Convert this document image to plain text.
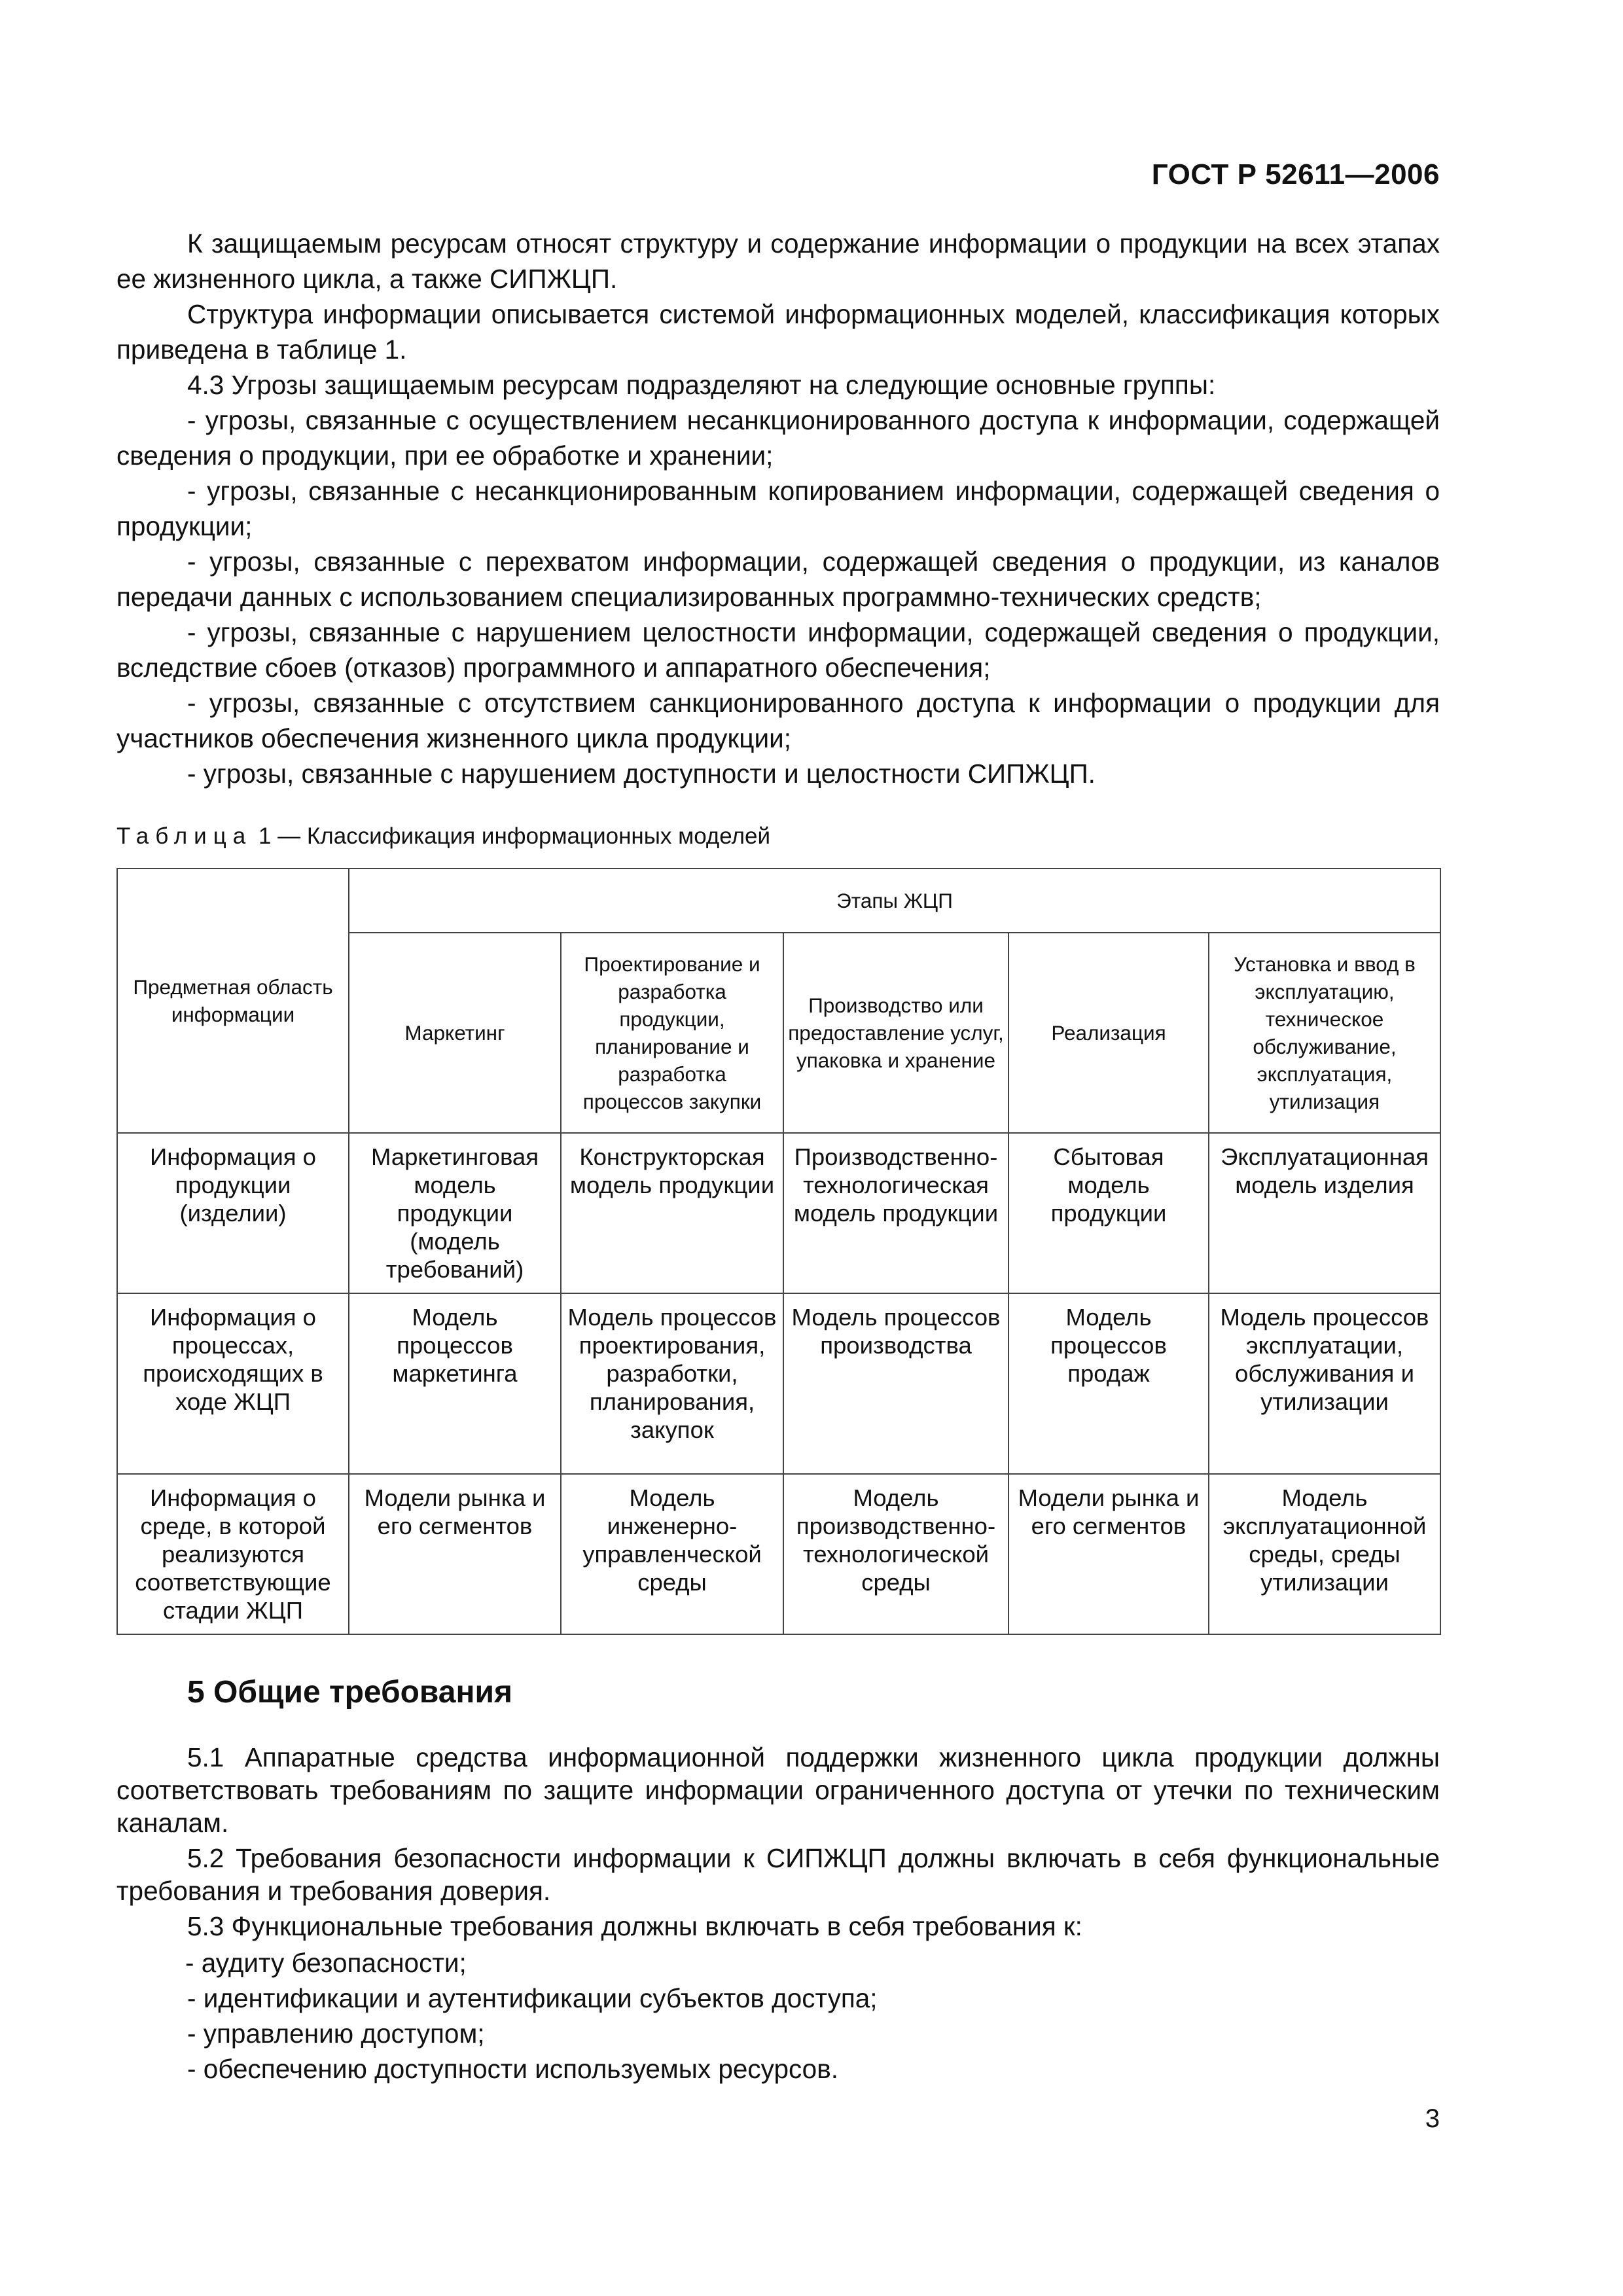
ГОСТ Р 52611—2006

К защищаемым ресурсам относят структуру и содержание информации о продукции на всех этапах ее жизненного цикла, а также СИПЖЦП.

Структура информации описывается системой информационных моделей, классификация которых приведена в таблице 1.

4.3 Угрозы защищаемым ресурсам подразделяют на следующие основные группы:

- угрозы, связанные с осуществлением несанкционированного доступа к информации, содержащей сведения о продукции, при ее обработке и хранении;

- угрозы, связанные с несанкционированным копированием информации, содержащей сведения о продукции;

- угрозы, связанные с перехватом информации, содержащей сведения о продукции, из каналов передачи данных с использованием специализированных программно-технических средств;

- угрозы, связанные с нарушением целостности информации, содержащей сведения о продукции, вследствие сбоев (отказов) программного и аппаратного обеспечения;

- угрозы, связанные с отсутствием санкционированного доступа к информации о продукции для участников обеспечения жизненного цикла продукции;

- угрозы, связанные с нарушением доступности и целостности СИПЖЦП.

Таблица 1 — Классификация информационных моделей
Предметная область информации	Этапы ЖЦП				
	Маркетинг	Проектирование и разработка продукции, планирование и разработка процессов закупки	Производство или предоставление услуг, упаковка и хранение	Реализация	Установка и ввод в эксплуатацию, техническое обслуживание, эксплуатация, утилизация
Информация о продукции (изделии)	Маркетинговая модель продукции (модель требований)	Конструкторская модель продукции	Производственно-технологическая модель продукции	Сбытовая модель продукции	Эксплуатационная модель изделия
Информация о процессах, происходящих в ходе ЖЦП	Модель процессов маркетинга	Модель процессов проектирования, разработки, планирования, закупок	Модель процессов производства	Модель процессов продаж	Модель процессов эксплуатации, обслуживания и утилизации
Информация о среде, в которой реализуются соответствующие стадии ЖЦП	Модели рынка и его сегментов	Модель инженерно-управленческой среды	Модель производственно-технологической среды	Модели рынка и его сегментов	Модель эксплуатационной среды, среды утилизации
5 Общие требования

5.1 Аппаратные средства информационной поддержки жизненного цикла продукции должны соответствовать требованиям по защите информации ограниченного доступа от утечки по техническим каналам.

5.2 Требования безопасности информации к СИПЖЦП должны включать в себя функциональные требования и требования доверия.

5.3 Функциональные требования должны включать в себя требования к:

- аудиту безопасности;

- идентификации и аутентификации субъектов доступа;

- управлению доступом;

- обеспечению доступности используемых ресурсов.

3
